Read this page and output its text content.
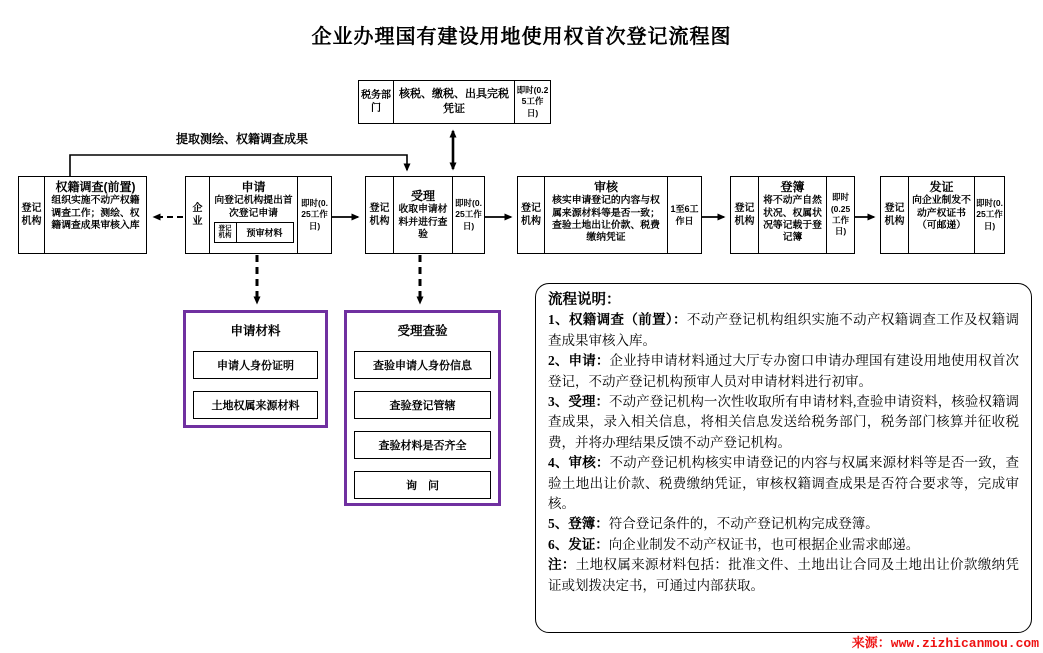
企业办理国有建设用地使用权首次登记流程图
税务部门
核税、缴税、出具完税凭证
即时(0.25工作日)
提取测绘、权籍调查成果
登记机构
权籍调查(前置)
组织实施不动产权籍调查工作；测绘、权籍调查成果审核入库
企业
申请
向登记机构提出首次登记申请
登记机构	预审材料
即时(0.25工作日)
登记机构
受理
收取申请材料并进行查验
即时(0.25工作日)
登记机构
审核
核实申请登记的内容与权属来源材料等是否一致；查验土地出让价款、税费缴纳凭证
1至6工作日
登记机构
登簿
将不动产自然状况、权属状况等记载于登记簿
即时(0.25工作日)
登记机构
发证
向企业制发不动产权证书（可邮递）
即时(0.25工作日)
申请材料
申请人身份证明
土地权属来源材料
受理查验
查验申请人身份信息
查验登记管辖
查验材料是否齐全
询　问
流程说明：
1、权籍调查（前置）：不动产登记机构组织实施不动产权籍调查工作及权籍调查成果审核入库。
2、申请：企业持申请材料通过大厅专办窗口申请办理国有建设用地使用权首次登记，不动产登记机构预审人员对申请材料进行初审。
3、受理：不动产登记机构一次性收取所有申请材料,查验申请资料，核验权籍调查成果，录入相关信息，将相关信息发送给税务部门，税务部门核算并征收税费，并将办理结果反馈不动产登记机构。
4、审核：不动产登记机构核实申请登记的内容与权属来源材料等是否一致，查验土地出让价款、税费缴纳凭证，审核权籍调查成果是否符合要求等，完成审核。
5、登簿：符合登记条件的，不动产登记机构完成登簿。
6、发证：向企业制发不动产权证书，也可根据企业需求邮递。
注：土地权属来源材料包括：批准文件、土地出让合同及土地出让价款缴纳凭证或划拨决定书，可通过内部获取。
来源：www.zizhicanmou.com
